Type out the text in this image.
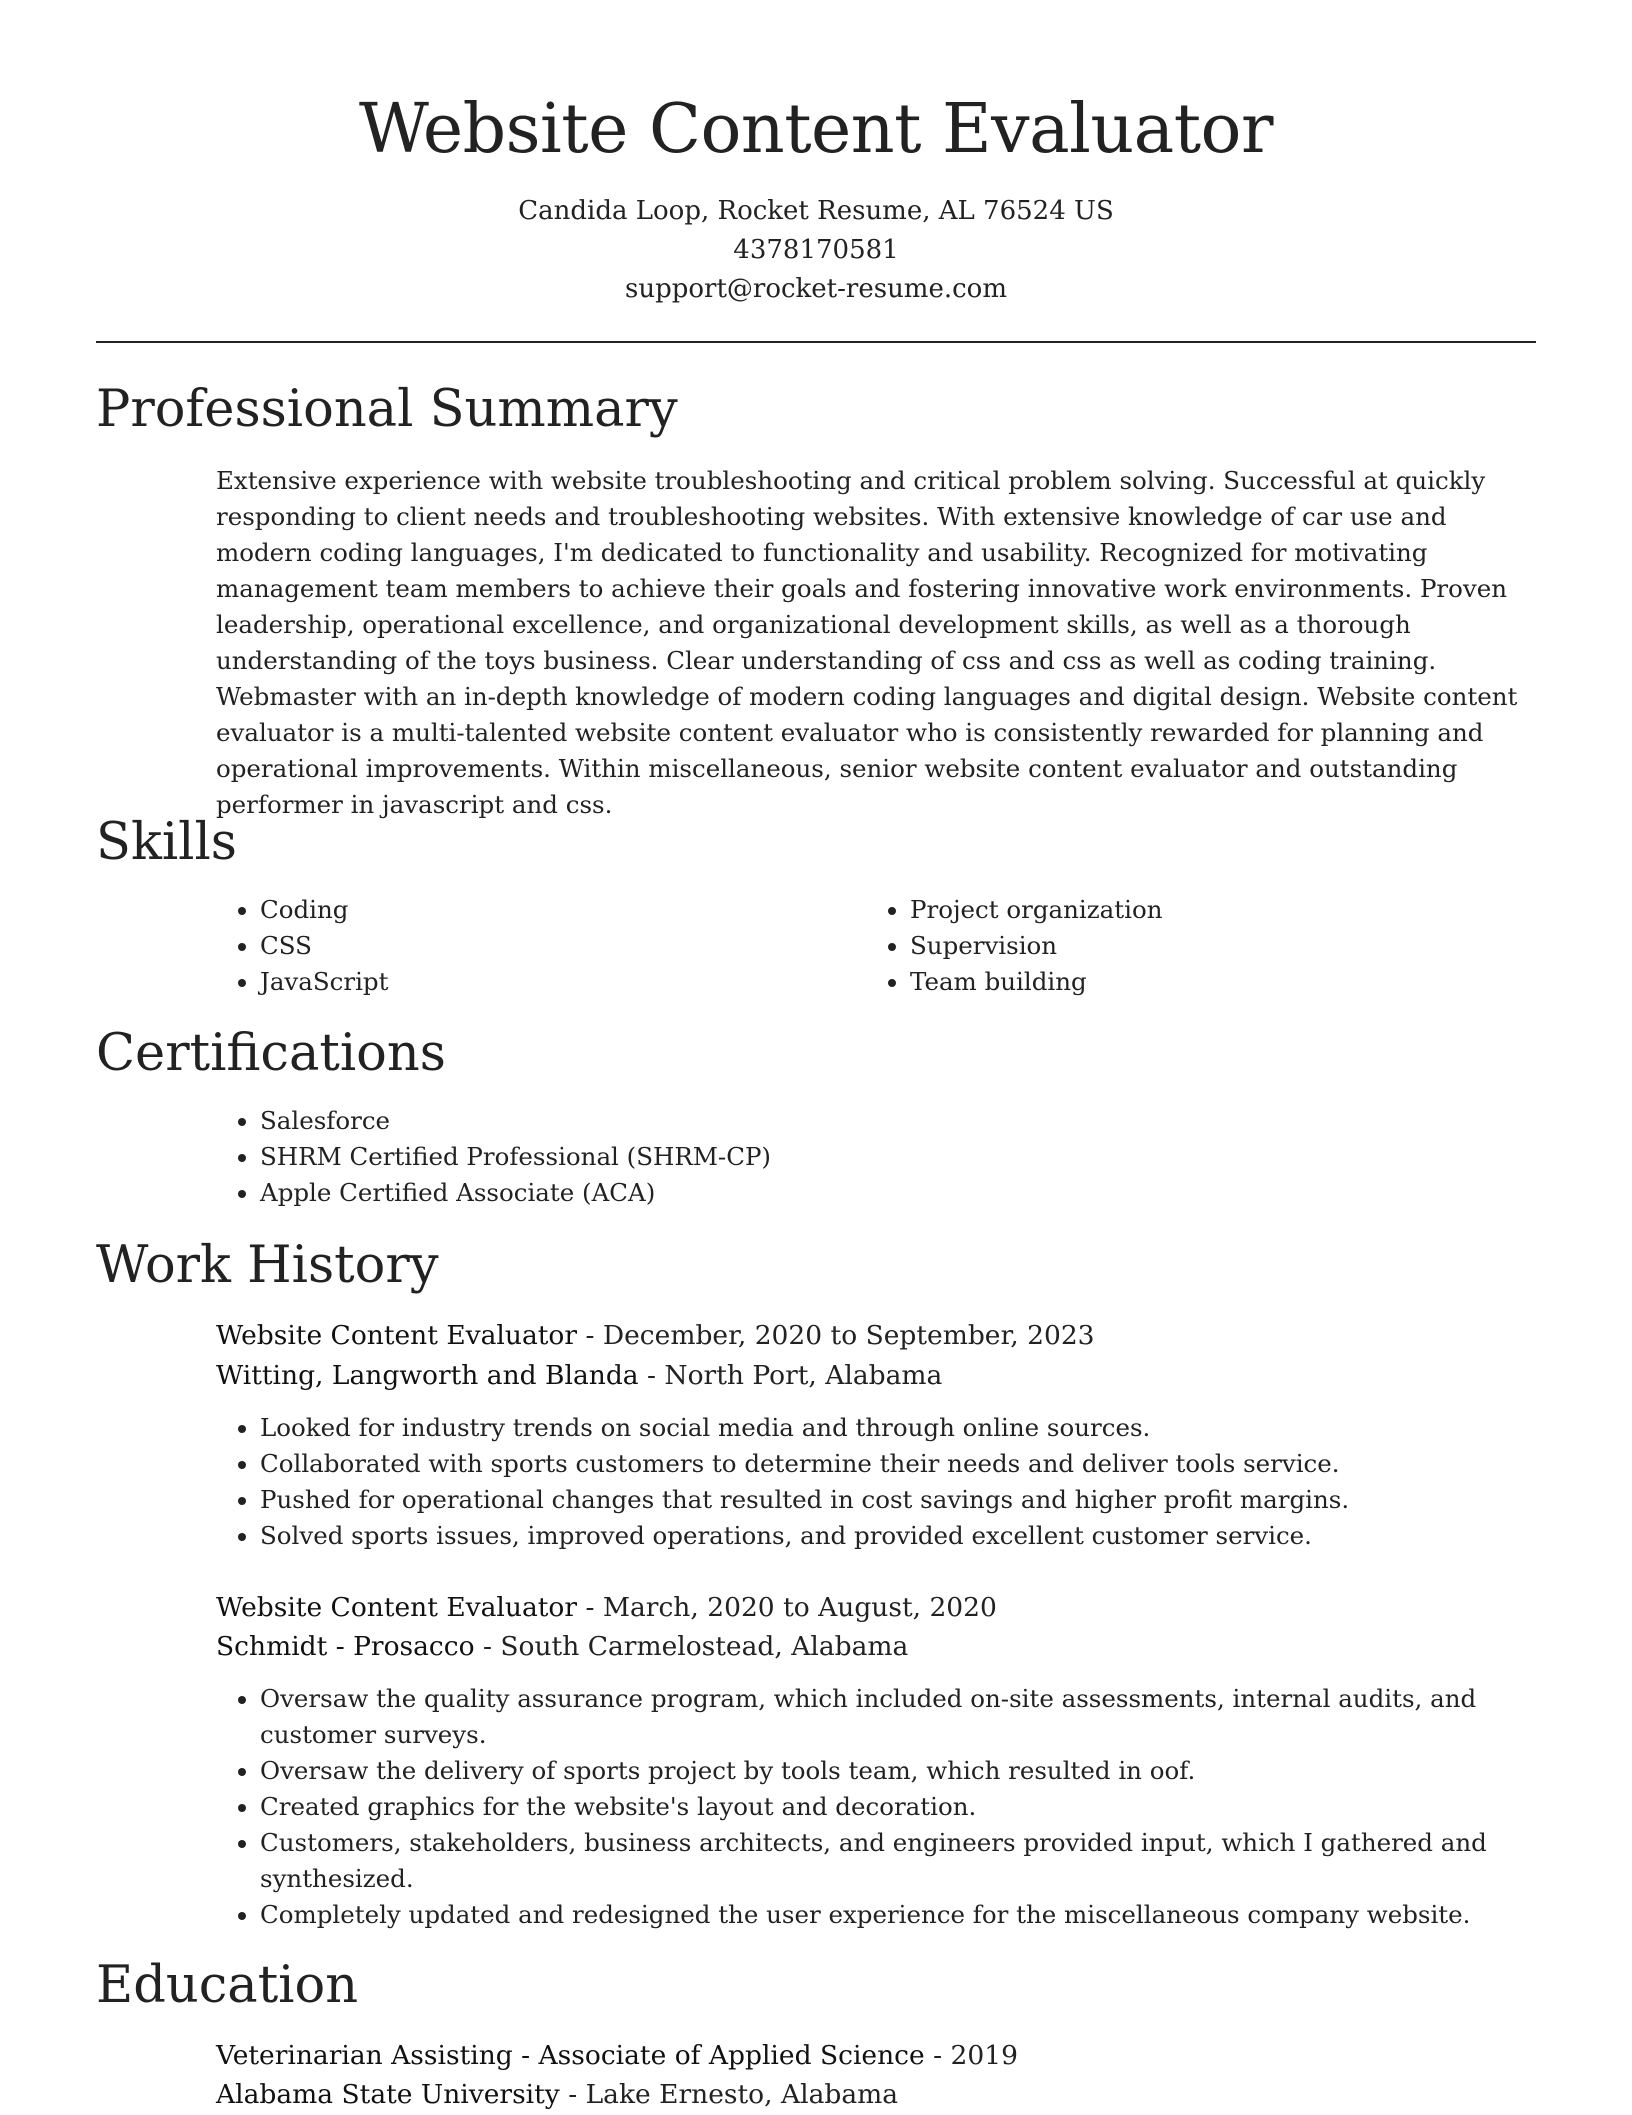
Website Content Evaluator
Candida Loop, Rocket Resume, AL 76524 US
4378170581
support@rocket-resume.com
Professional Summary

Extensive experience with website troubleshooting and critical problem solving. Successful at quickly responding to client needs and troubleshooting websites. With extensive knowledge of car use and modern coding languages, I'm dedicated to functionality and usability. Recognized for motivating management team members to achieve their goals and fostering innovative work environments. Proven leadership, operational excellence, and organizational development skills, as well as a thorough understanding of the toys business. Clear understanding of css and css as well as coding training. Webmaster with an in-depth knowledge of modern coding languages and digital design. Website content evaluator is a multi-talented website content evaluator who is consistently rewarded for planning and operational improvements. Within miscellaneous, senior website content evaluator and outstanding performer in javascript and css.

Skills
• Coding
• CSS
• JavaScript
• Project organization
• Supervision
• Team building
Certifications
• Salesforce
• SHRM Certified Professional (SHRM-CP)
• Apple Certified Associate (ACA)
Work History
Website Content Evaluator - December, 2020 to September, 2023
Witting, Langworth and Blanda - North Port, Alabama
• Looked for industry trends on social media and through online sources.
• Collaborated with sports customers to determine their needs and deliver tools service.
• Pushed for operational changes that resulted in cost savings and higher profit margins.
• Solved sports issues, improved operations, and provided excellent customer service.
Website Content Evaluator - March, 2020 to August, 2020
Schmidt - Prosacco - South Carmelostead, Alabama
• Oversaw the quality assurance program, which included on-site assessments, internal audits, and customer surveys.
• Oversaw the delivery of sports project by tools team, which resulted in oof.
• Created graphics for the website's layout and decoration.
• Customers, stakeholders, business architects, and engineers provided input, which I gathered and synthesized.
• Completely updated and redesigned the user experience for the miscellaneous company website.
Education
Veterinarian Assisting - Associate of Applied Science - 2019
Alabama State University - Lake Ernesto, Alabama
